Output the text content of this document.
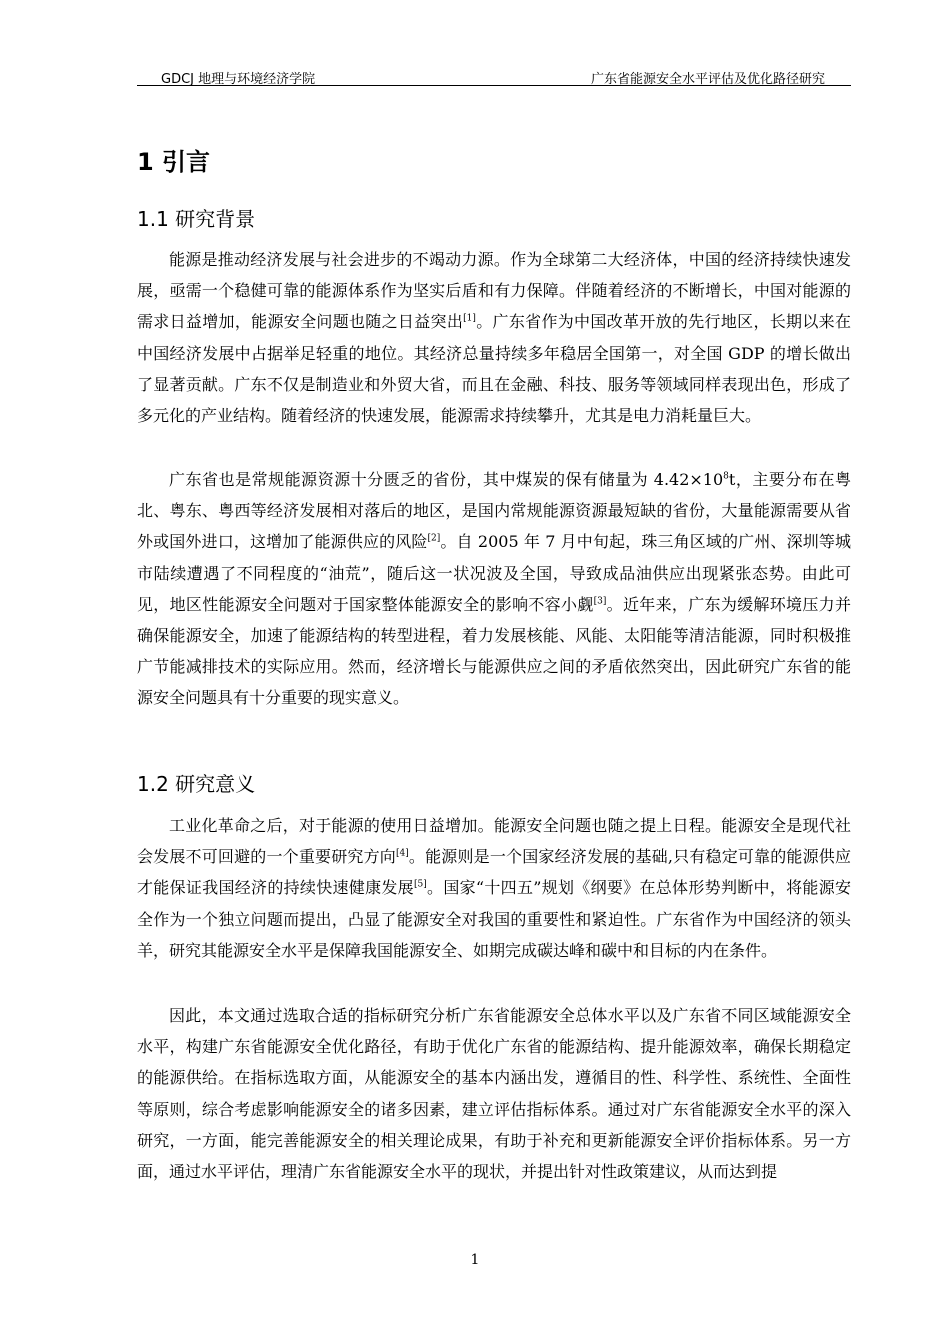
GDCJ 地理与环境经济学院	广东省能源安全水平评估及优化路径研究
1 引言
1.1 研究背景

能源是推动经济发展与社会进步的不竭动力源。作为全球第二大经济体，中国的经济持续快速发展，亟需一个稳健可靠的能源体系作为坚实后盾和有力保障。伴随着经济的不断增长，中国对能源的需求日益增加，能源安全问题也随之日益突出[1]。广东省作为中国改革开放的先行地区，长期以来在中国经济发展中占据举足轻重的地位。其经济总量持续多年稳居全国第一，对全国 GDP 的增长做出了显著贡献。广东不仅是制造业和外贸大省，而且在金融、科技、服务等领域同样表现出色，形成了多元化的产业结构。随着经济的快速发展，能源需求持续攀升，尤其是电力消耗量巨大。

广东省也是常规能源资源十分匮乏的省份，其中煤炭的保有储量为 $4.42\times 10^8t$，主要分布在粤北、粤东、粤西等经济发展相对落后的地区，是国内常规能源资源最短缺的省份，大量能源需要从省外或国外进口，这增加了能源供应的风险[2]。自 2005 年 7 月中旬起，珠三角区域的广州、深圳等城市陆续遭遇了不同程度的“油荒”，随后这一状况波及全国，导致成品油供应出现紧张态势。由此可见，地区性能源安全问题对于国家整体能源安全的影响不容小觑[3]。近年来，广东为缓解环境压力并确保能源安全，加速了能源结构的转型进程，着力发展核能、风能、太阳能等清洁能源，同时积极推广节能减排技术的实际应用。然而，经济增长与能源供应之间的矛盾依然突出，因此研究广东省的能源安全问题具有十分重要的现实意义。

1.2 研究意义

工业化革命之后，对于能源的使用日益增加。能源安全问题也随之提上日程。能源安全是现代社会发展不可回避的一个重要研究方向[4]。能源则是一个国家经济发展的基础,只有稳定可靠的能源供应才能保证我国经济的持续快速健康发展[5]。国家“十四五”规划《纲要》在总体形势判断中，将能源安全作为一个独立问题而提出，凸显了能源安全对我国的重要性和紧迫性。广东省作为中国经济的领头羊，研究其能源安全水平是保障我国能源安全、如期完成碳达峰和碳中和目标的内在条件。

因此，本文通过选取合适的指标研究分析广东省能源安全总体水平以及广东省不同区域能源安全水平，构建广东省能源安全优化路径，有助于优化广东省的能源结构、提升能源效率，确保长期稳定的能源供给。在指标选取方面，从能源安全的基本内涵出发，遵循目的性、科学性、系统性、全面性等原则，综合考虑影响能源安全的诸多因素，建立评估指标体系。通过对广东省能源安全水平的深入研究，一方面，能完善能源安全的相关理论成果，有助于补充和更新能源安全评价指标体系。另一方面，通过水平评估，理清广东省能源安全水平的现状，并提出针对性政策建议，从而达到提

1
